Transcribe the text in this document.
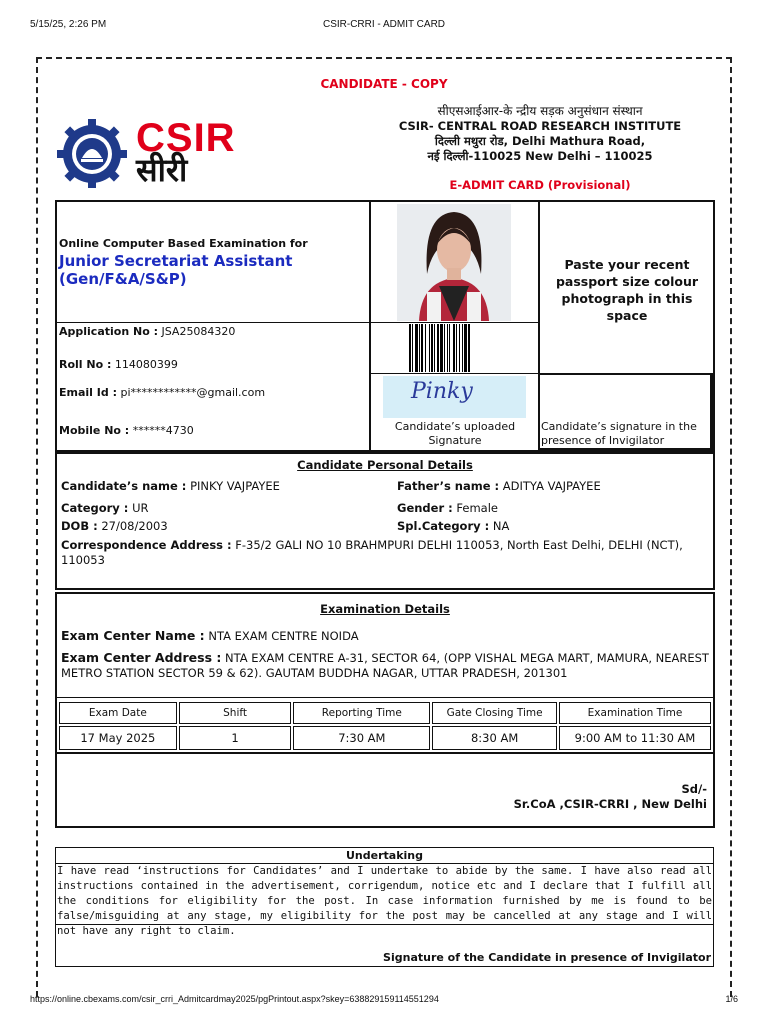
5/15/25, 2:26 PM	CSIR-CRRI - ADMIT CARD
https://online.cbexams.com/csir_crri_Admitcardmay2025/pgPrintout.aspx?skey=638829159114551294	1/6
CANDIDATE - COPY
CSIR
सीरी
सीएसआईआर-के न्द्रीय सड़क अनुसंधान संस्थान
CSIR- CENTRAL ROAD RESEARCH INSTITUTE
दिल्ली मथुरा रोड, Delhi Mathura Road,
नई दिल्ली-110025 New Delhi – 110025
E-ADMIT CARD (Provisional)
Online Computer Based Examination for
Junior Secretariat Assistant
(Gen/F&A/S&P)
Paste your recent passport size colour photograph in this space
Application No : JSA25084320
Roll No : 114080399
Email Id : pi************@gmail.com
Mobile No : ******4730
Pinky
Candidate’s uploaded Signature
Candidate’s signature in the presence of Invigilator
Candidate Personal Details
Candidate’s name : PINKY VAJPAYEE	Father’s name : ADITYA VAJPAYEE
Category : UR	Gender : Female
DOB : 27/08/2003	Spl.Category : NA
Correspondence Address : F-35/2 GALI NO 10 BRAHMPURI DELHI 110053, North East Delhi, DELHI (NCT), 110053
Examination Details
Exam Center Name : NTA EXAM CENTRE NOIDA
Exam Center Address : NTA EXAM CENTRE A-31, SECTOR 64, (OPP VISHAL MEGA MART, MAMURA, NEAREST METRO STATION SECTOR 59 & 62). GAUTAM BUDDHA NAGAR, UTTAR PRADESH, 201301
Exam Date	Shift	Reporting Time	Gate Closing Time	Examination Time
17 May 2025	1	7:30 AM	8:30 AM	9:00 AM to 11:30 AM
Sd/-
Sr.CoA ,CSIR-CRRI , New Delhi
Undertaking
I have read ‘instructions for Candidates’ and I undertake to abide by the same. I have also read all instructions contained in the advertisement, corrigendum, notice etc and I declare that I fulfill all the conditions for eligibility for the post. In case information furnished by me is found to be false/misguiding at any stage, my eligibility for the post may be cancelled at any stage and I will not have any right to claim.
Signature of the Candidate in presence of Invigilator
